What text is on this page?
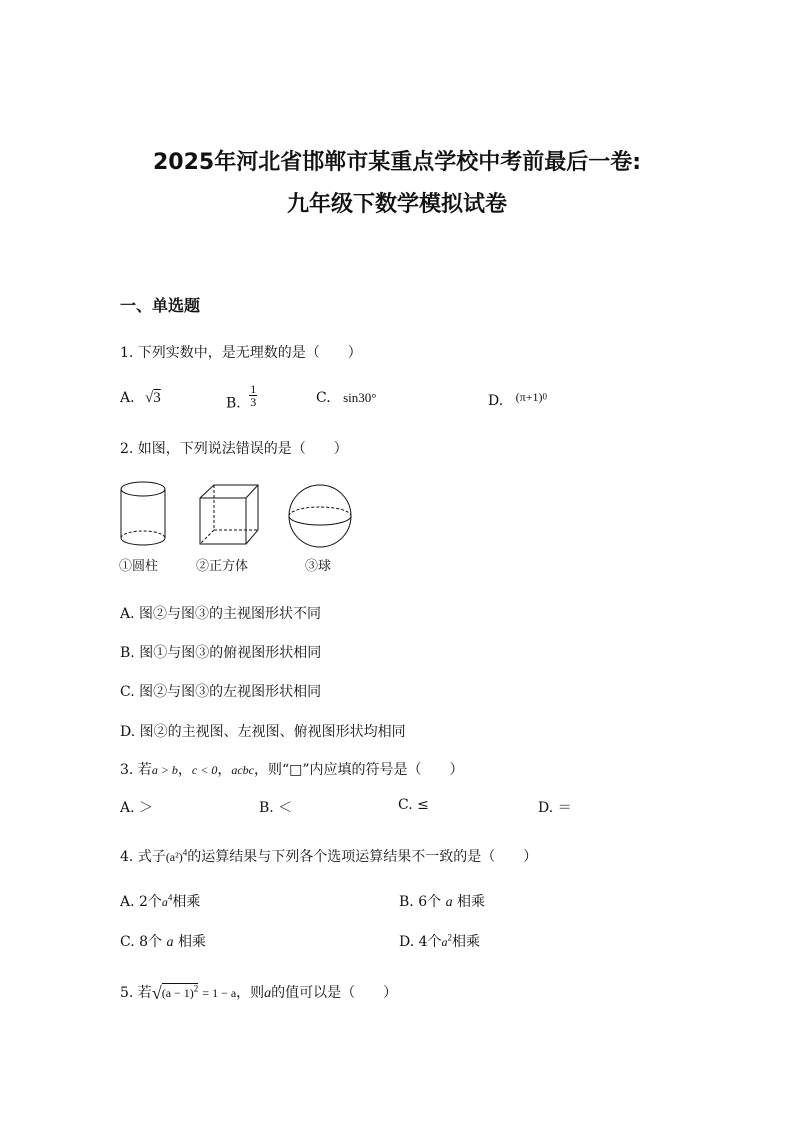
2025年河北省邯郸市某重点学校中考前最后一卷:
九年级下数学模拟试卷
一、单选题
1. 下列实数中，是无理数的是（　　）
A. √3	B. $\frac{1}{3}$	C. sin30°	D. $(\pi+1)^0$
2. 如图，下列说法错误的是（　　）
①圆柱	②正方体	③球
A. 图②与图③的主视图形状不同
B. 图①与图③的俯视图形状相同
C. 图②与图③的左视图形状相同
D. 图②的主视图、左视图、俯视图形状均相同
3. 若a > b，c < 0，acbc，则“□”内应填的符号是（　　）
A. ＞	B. ＜	C. ≤	D. ＝
4. 式子$(a^2)^4$的运算结果与下列各个选项运算结果不一致的是（　　）
A. 2个$a^4$相乘	B. 6个 a 相乘
C. 8个 a 相乘	D. 4个$a^2$相乘
5. 若$√(a - 1)^2 = 1 - a$，则a的值可以是（　　）
